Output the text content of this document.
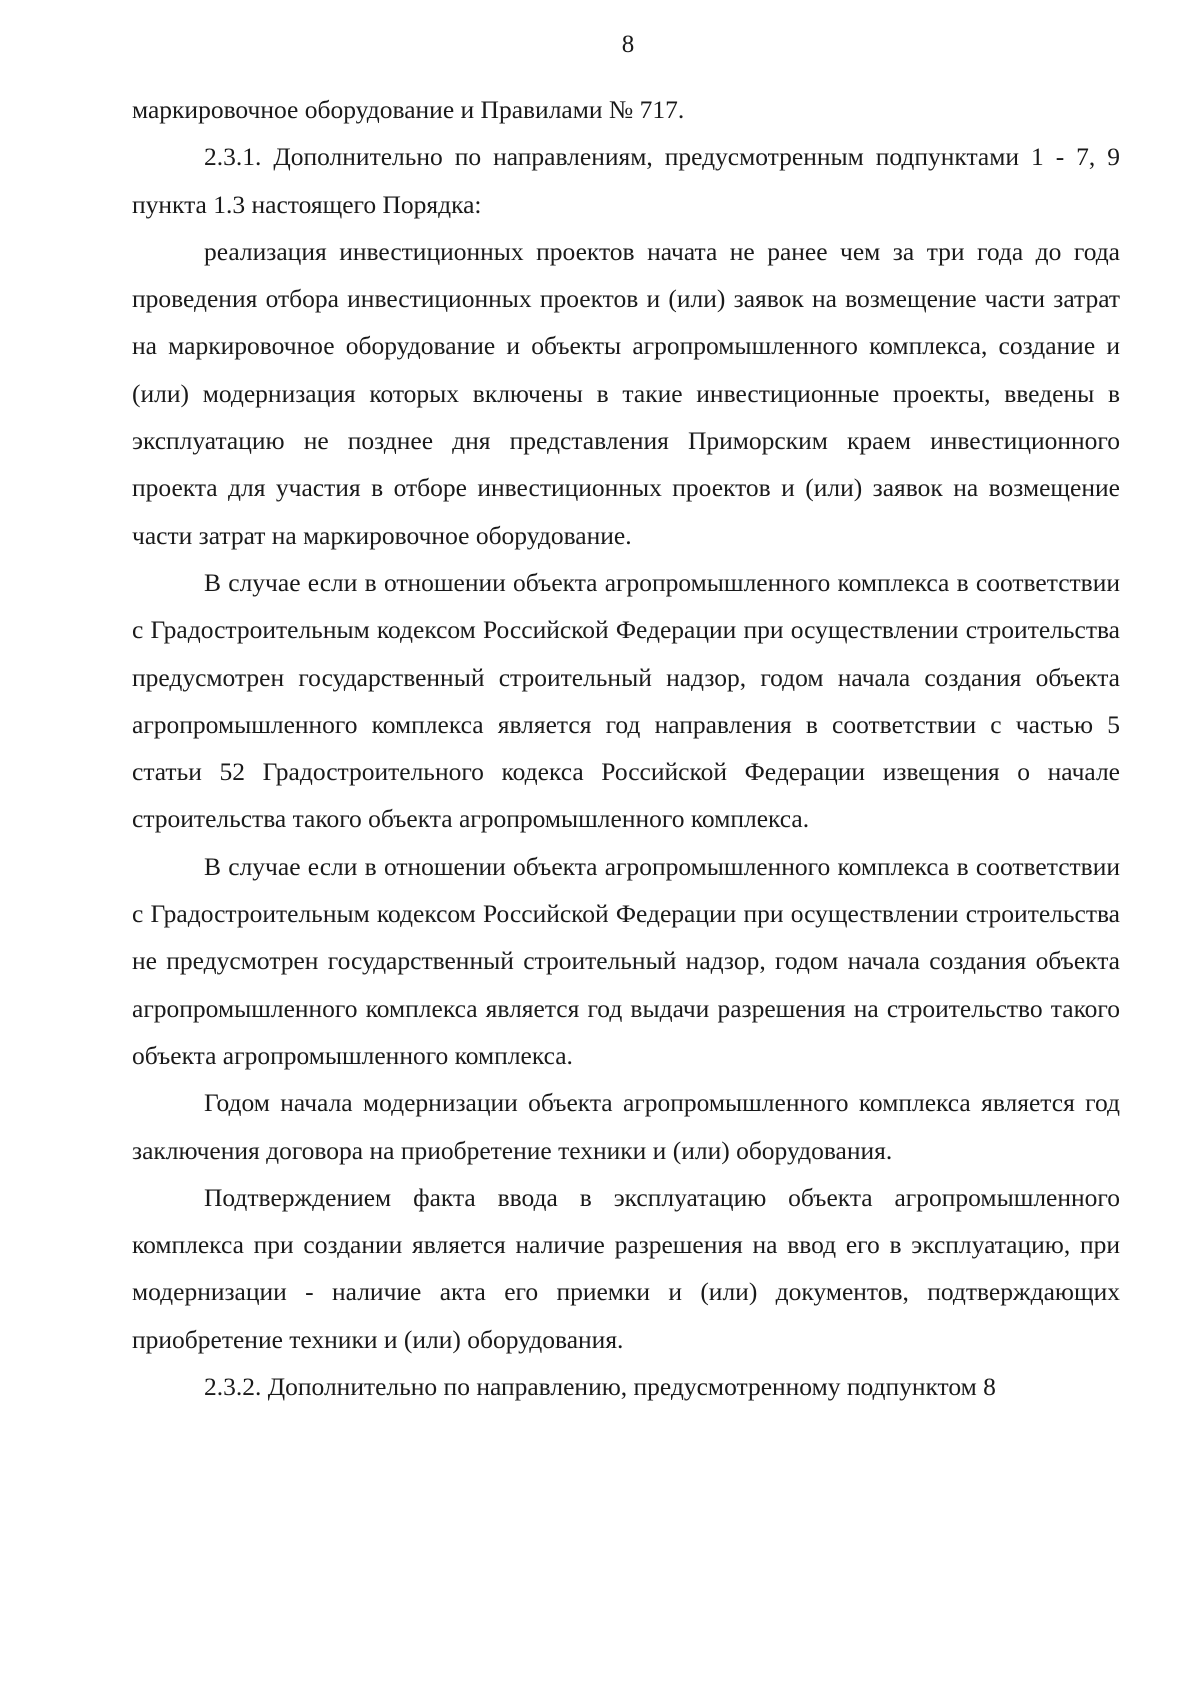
8

маркировочное оборудование и Правилами № 717.

2.3.1. Дополнительно по направлениям, предусмотренным подпунктами 1 - 7, 9 пункта 1.3 настоящего Порядка:

реализация инвестиционных проектов начата не ранее чем за три года до года проведения отбора инвестиционных проектов и (или) заявок на возмещение части затрат на маркировочное оборудование и объекты агропромышленного комплекса, создание и (или) модернизация которых включены в такие инвестиционные проекты, введены в эксплуатацию не позднее дня представления Приморским краем инвестиционного проекта для участия в отборе инвестиционных проектов и (или) заявок на возмещение части затрат на маркировочное оборудование.

В случае если в отношении объекта агропромышленного комплекса в соответствии с Градостроительным кодексом Российской Федерации при осуществлении строительства предусмотрен государственный строительный надзор, годом начала создания объекта агропромышленного комплекса является год направления в соответствии с частью 5 статьи 52 Градостроительного кодекса Российской Федерации извещения о начале строительства такого объекта агропромышленного комплекса.

В случае если в отношении объекта агропромышленного комплекса в соответствии с Градостроительным кодексом Российской Федерации при осуществлении строительства не предусмотрен государственный строительный надзор, годом начала создания объекта агропромышленного комплекса является год выдачи разрешения на строительство такого объекта агропромышленного комплекса.

Годом начала модернизации объекта агропромышленного комплекса является год заключения договора на приобретение техники и (или) оборудования.

Подтверждением факта ввода в эксплуатацию объекта агропромышленного комплекса при создании является наличие разрешения на ввод его в эксплуатацию, при модернизации - наличие акта его приемки и (или) документов, подтверждающих приобретение техники и (или) оборудования.

2.3.2. Дополнительно по направлению, предусмотренному подпунктом 8
